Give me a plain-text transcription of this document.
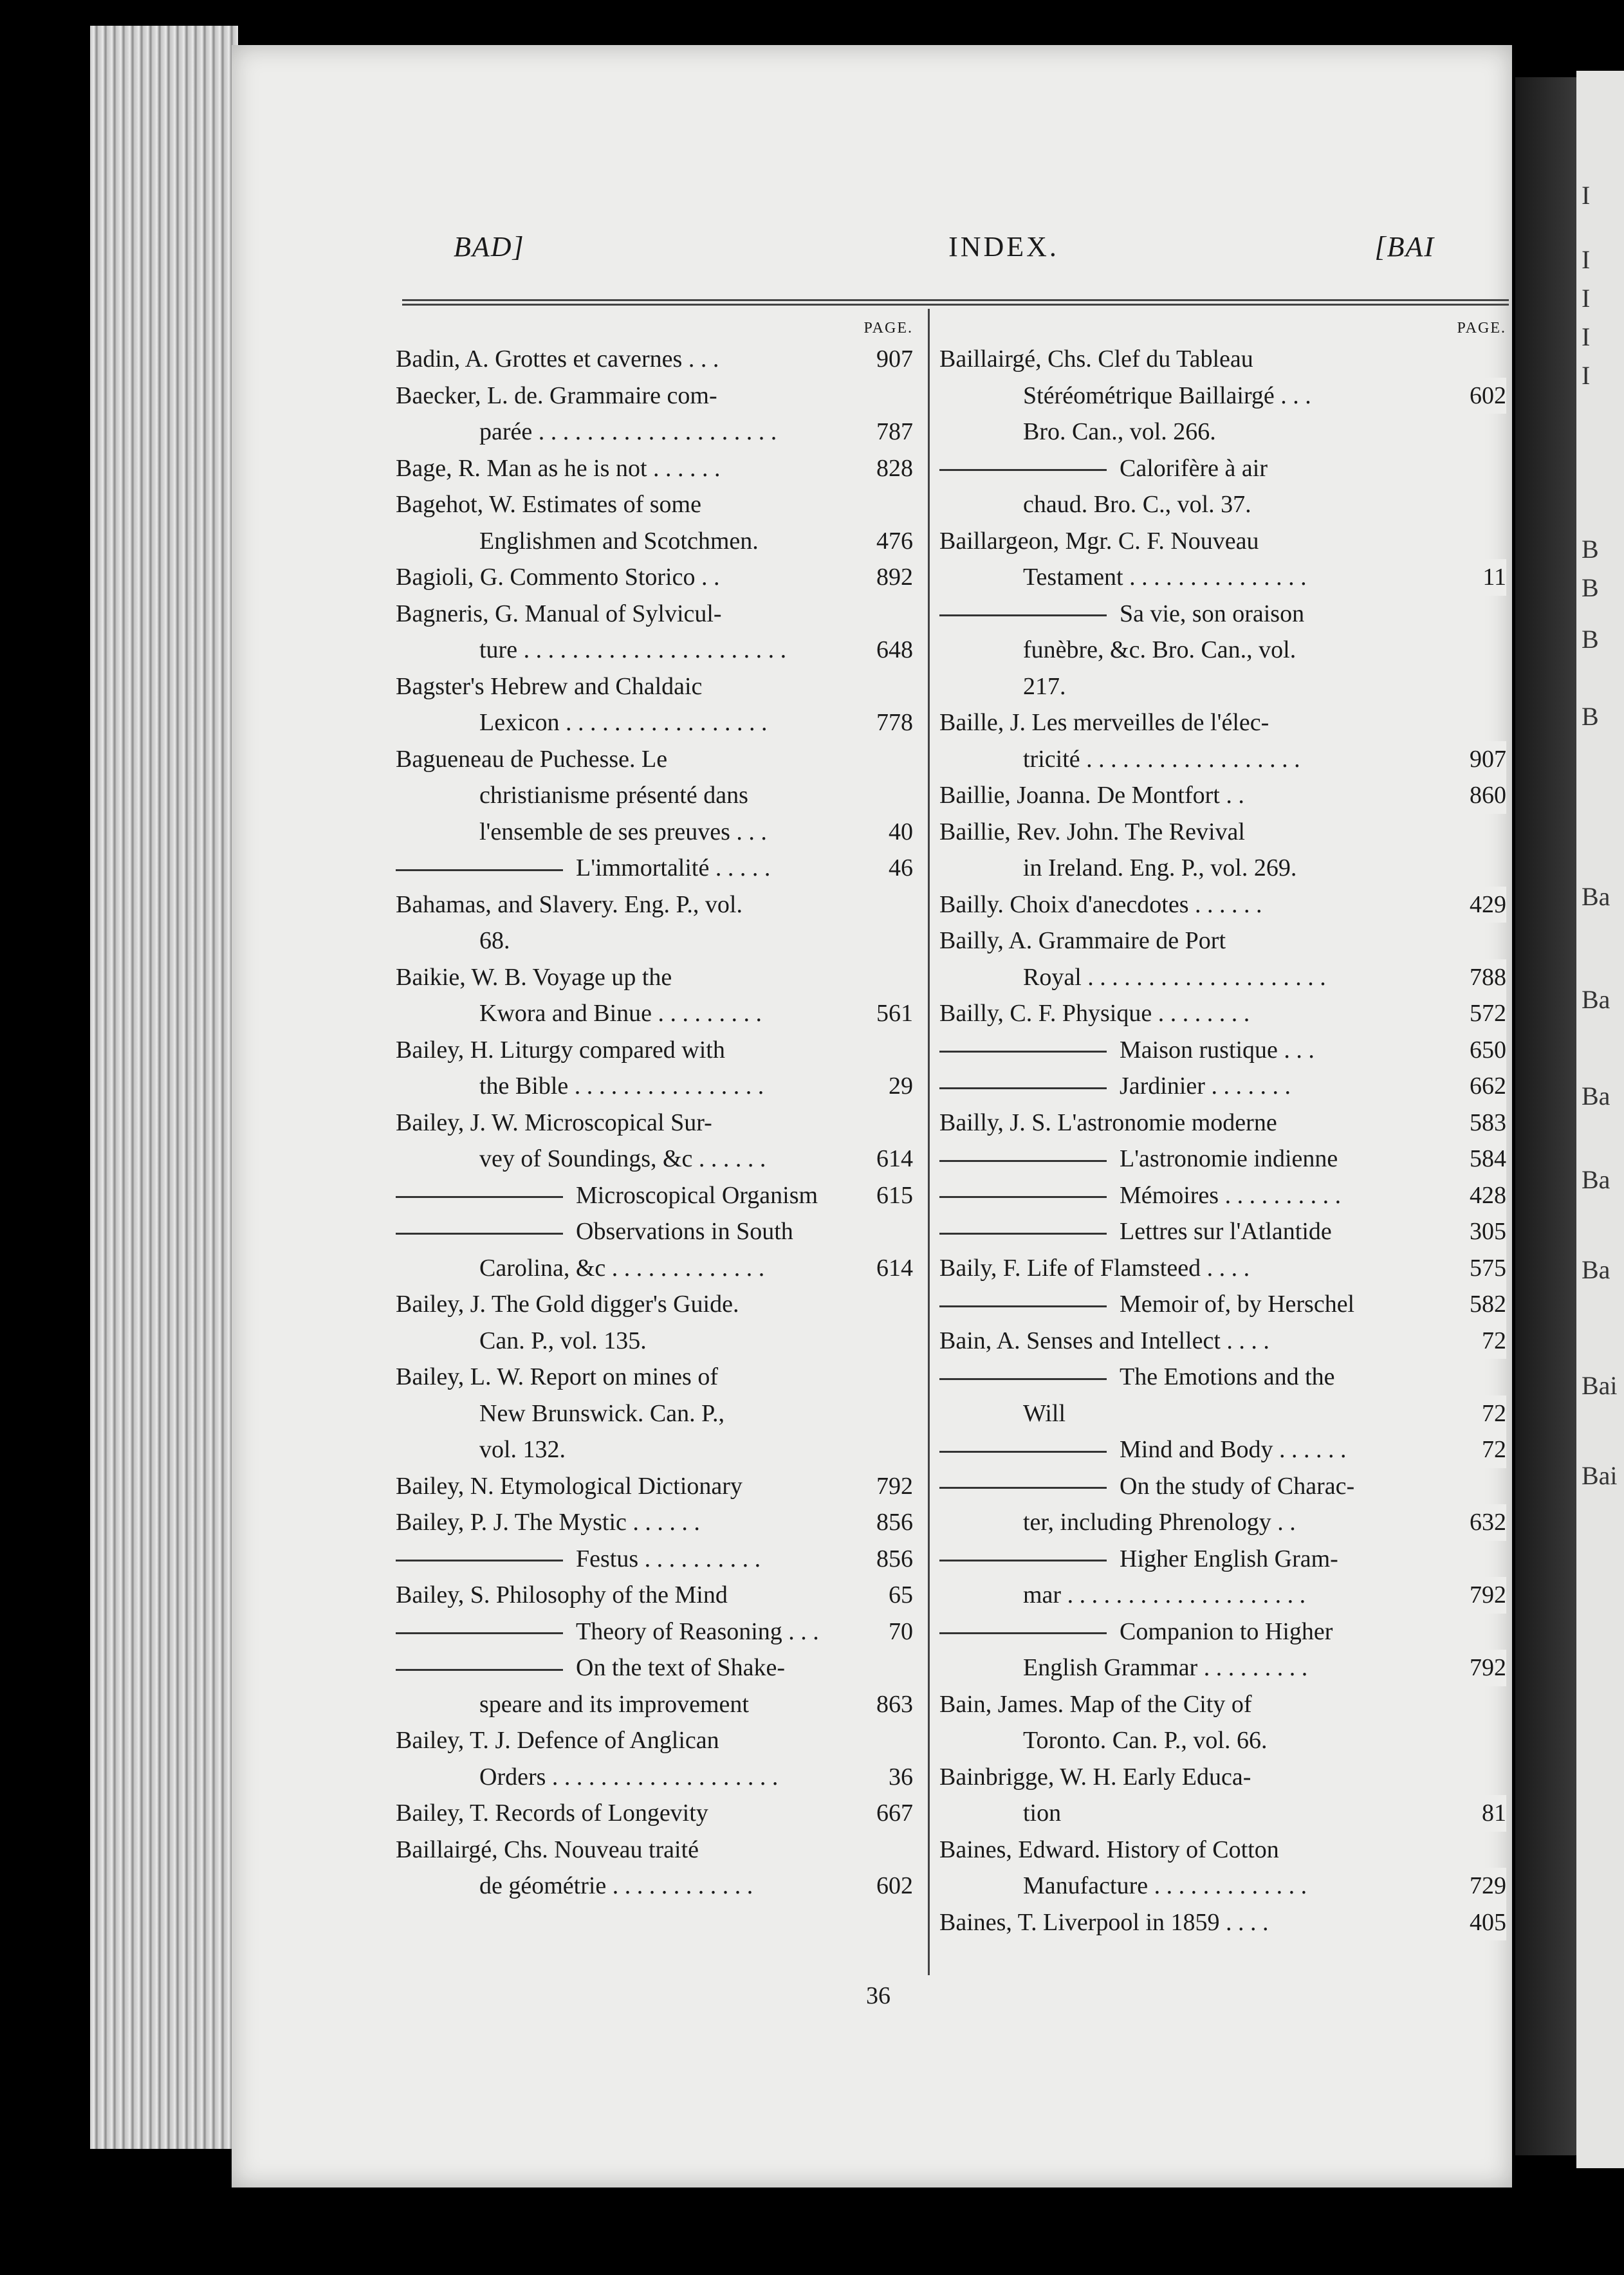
I
I
I
I
I
B
B
B
B
Ba
Ba
Ba
Ba
Ba
Bai
Bai
BAD]	INDEX.	[BAI
PAGE.
Badin, A. Grottes et cavernes . . .	907
Baecker, L. de. Grammaire com-
parée . . . . . . . . . . . . . . . . . . . .	787
Bage, R. Man as he is not . . . . . .	828
Bagehot, W. Estimates of some
Englishmen and Scotchmen.	476
Bagioli, G. Commento Storico . .	892
Bagneris, G. Manual of Sylvicul-
ture . . . . . . . . . . . . . . . . . . . . . .	648
Bagster's Hebrew and Chaldaic
Lexicon . . . . . . . . . . . . . . . . .	778
Bagueneau de Puchesse. Le
christianisme présenté dans
l'ensemble de ses preuves . . .	40
L'immortalité . . . . .	46
Bahamas, and Slavery. Eng. P., vol.
68.
Baikie, W. B. Voyage up the
Kwora and Binue . . . . . . . . .	561
Bailey, H. Liturgy compared with
the Bible . . . . . . . . . . . . . . . .	29
Bailey, J. W. Microscopical Sur-
vey of Soundings, &c . . . . . .	614
Microscopical Organism 615
Observations in South
Carolina, &c . . . . . . . . . . . . .	614
Bailey, J. The Gold digger's Guide.
Can. P., vol. 135.
Bailey, L. W. Report on mines of
New Brunswick. Can. P.,
vol. 132.
Bailey, N. Etymological Dictionary	792
Bailey, P. J. The Mystic . . . . . .	856
Festus . . . . . . . . . .	856
Bailey, S. Philosophy of the Mind	65
Theory of Reasoning . . .	70
On the text of Shake-
speare and its improvement	863
Bailey, T. J. Defence of Anglican
Orders . . . . . . . . . . . . . . . . . . .	36
Bailey, T. Records of Longevity	667
Baillairgé, Chs. Nouveau traité
de géométrie . . . . . . . . . . . .	602
PAGE.
Baillairgé, Chs. Clef du Tableau
Stéréométrique Baillairgé . . .	602
Bro. Can., vol. 266.
Calorifère à air
chaud. Bro. C., vol. 37.
Baillargeon, Mgr. C. F. Nouveau
Testament . . . . . . . . . . . . . . .	11
Sa vie, son oraison
funèbre, &c. Bro. Can., vol.
217.
Baille, J. Les merveilles de l'élec-
tricité . . . . . . . . . . . . . . . . . .	907
Baillie, Joanna. De Montfort . .	860
Baillie, Rev. John. The Revival
in Ireland. Eng. P., vol. 269.
Bailly. Choix d'anecdotes . . . . . .	429
Bailly, A. Grammaire de Port
Royal . . . . . . . . . . . . . . . . . . . .	788
Bailly, C. F. Physique . . . . . . . .	572
Maison rustique . . .	650
Jardinier . . . . . . .	662
Bailly, J. S. L'astronomie moderne	583
L'astronomie indienne	584
Mémoires . . . . . . . . . .	428
Lettres sur l'Atlantide	305
Baily, F. Life of Flamsteed . . . .	575
Memoir of, by Herschel	582
Bain, A. Senses and Intellect . . . .	72
The Emotions and the
Will	72
Mind and Body . . . . . .	72
On the study of Charac-
ter, including Phrenology . .	632
Higher English Gram-
mar . . . . . . . . . . . . . . . . . . . .	792
Companion to Higher
English Grammar . . . . . . . . .	792
Bain, James. Map of the City of
Toronto. Can. P., vol. 66.
Bainbrigge, W. H. Early Educa-
tion	81
Baines, Edward. History of Cotton
Manufacture . . . . . . . . . . . . .	729
Baines, T. Liverpool in 1859 . . . .	405
36
